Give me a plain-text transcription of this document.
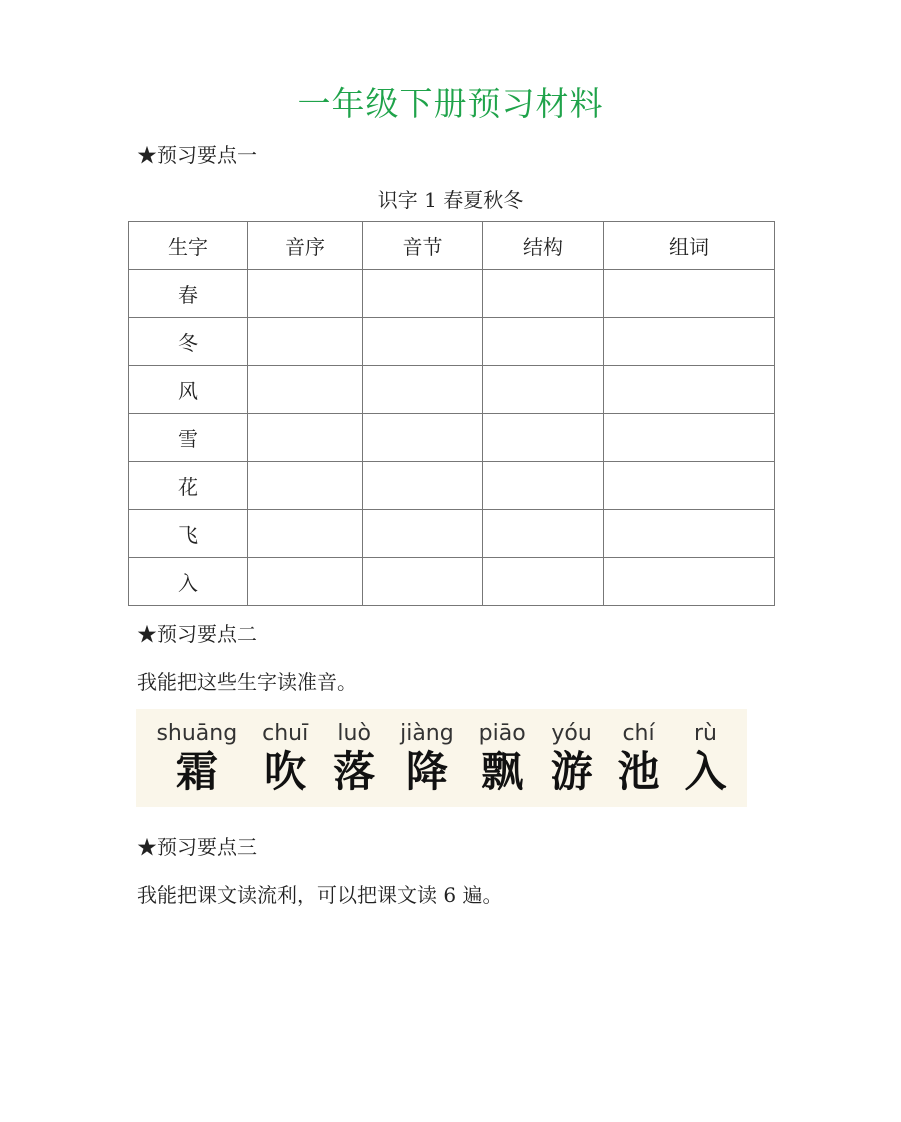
一年级下册预习材料
★预习要点一
识字 1 春夏秋冬
生字	音序	音节	结构	组词
春				
冬				
风				
雪				
花				
飞				
入				
★预习要点二
我能把这些生字读准音。
shuāng
霜
chuī
吹
luò
落
jiàng
降
piāo
飘
yóu
游
chí
池
rù
入
★预习要点三
我能把课文读流利，可以把课文读 6 遍。
